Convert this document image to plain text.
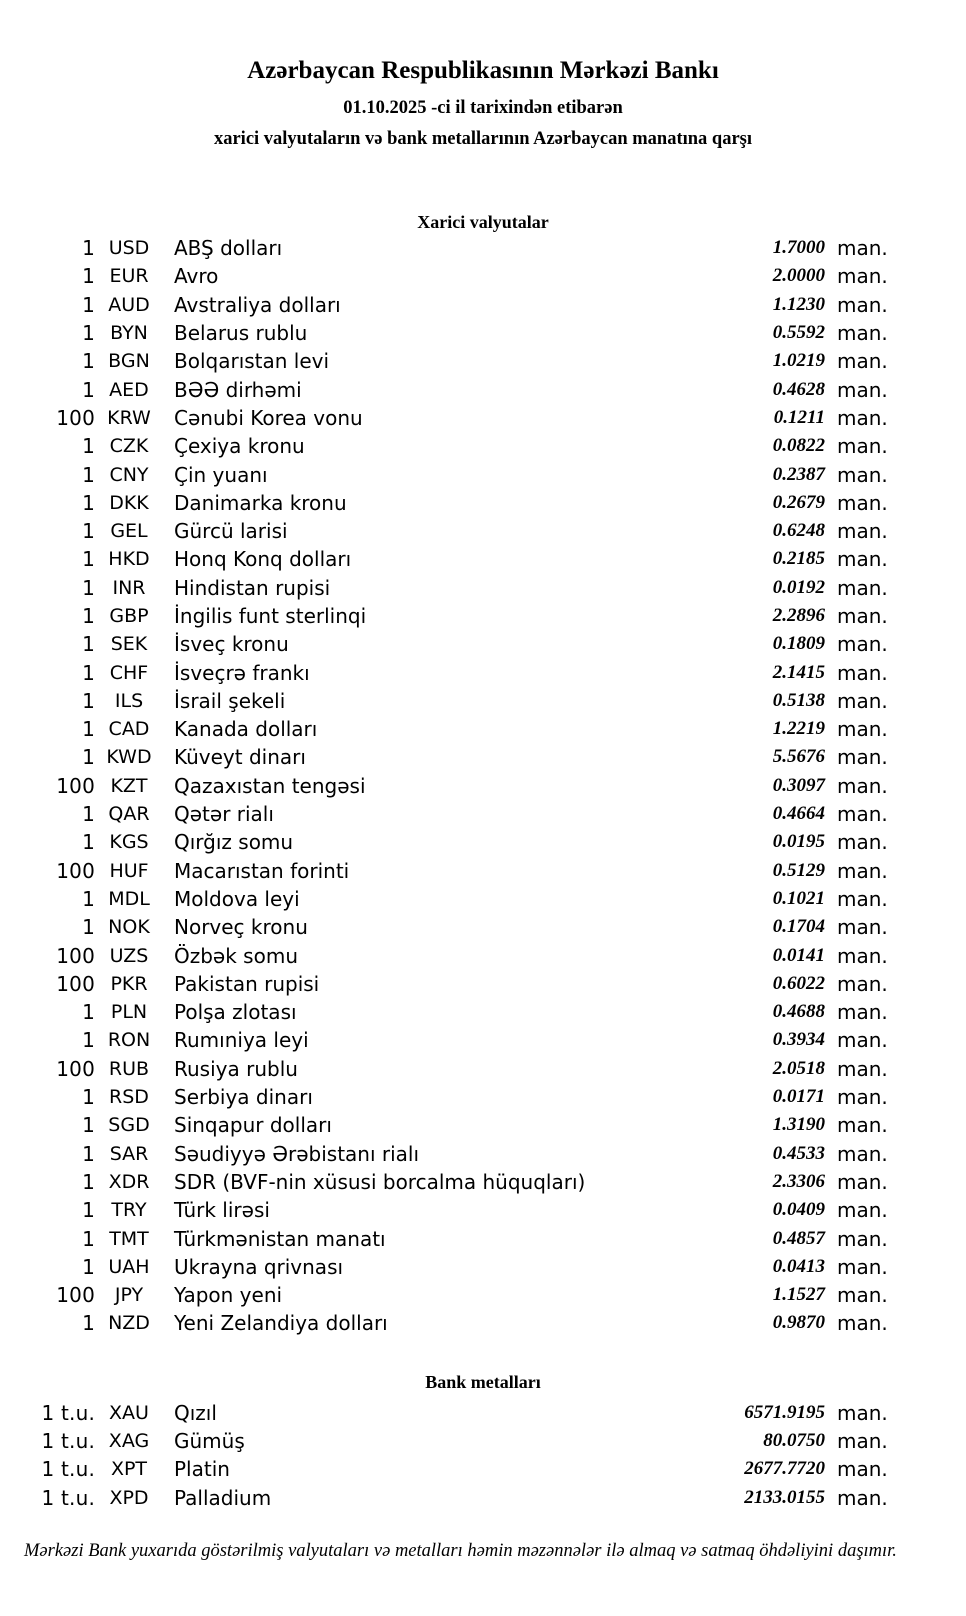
Azərbaycan Respublikasının Mərkəzi Bankı
01.10.2025 -ci il tarixindən etibarən
xarici valyutaların və bank metallarının Azərbaycan manatına qarşı
Xarici valyutalar
1 USD	ABŞ dolları	1.7000 man.
1 EUR	Avro	2.0000 man.
1 AUD	Avstraliya dolları	1.1230 man.
1 BYN	Belarus rublu	0.5592 man.
1 BGN	Bolqarıstan levi	1.0219 man.
1 AED	BƏƏ dirhəmi	0.4628 man.
100 KRW	Cənubi Korea vonu	0.1211 man.
1 CZK	Çexiya kronu	0.0822 man.
1 CNY	Çin yuanı	0.2387 man.
1 DKK	Danimarka kronu	0.2679 man.
1 GEL	Gürcü larisi	0.6248 man.
1 HKD	Honq Konq dolları	0.2185 man.
1 INR	Hindistan rupisi	0.0192 man.
1 GBP	İngilis funt sterlinqi	2.2896 man.
1 SEK	İsveç kronu	0.1809 man.
1 CHF	İsveçrə frankı	2.1415 man.
1	ILS	İsrail şekeli	0.5138 man.
1 CAD	Kanada dolları	1.2219 man.
1 KWD	Küveyt dinarı	5.5676 man.
100 KZT	Qazaxıstan tengəsi	0.3097 man.
1 QAR	Qətər rialı	0.4664 man.
1 KGS	Qırğız somu	0.0195 man.
100 HUF	Macarıstan forinti	0.5129 man.
1 MDL	Moldova leyi	0.1021 man.
1 NOK	Norveç kronu	0.1704 man.
100 UZS	Özbək somu	0.0141 man.
100 PKR	Pakistan rupisi	0.6022 man.
1 PLN	Polşa zlotası	0.4688 man.
1 RON	Rumıniya leyi	0.3934 man.
100 RUB	Rusiya rublu	2.0518 man.
1 RSD	Serbiya dinarı	0.0171 man.
1 SGD	Sinqapur dolları	1.3190 man.
1 SAR	Səudiyyə Ərəbistanı rialı	0.4533 man.
1 XDR	SDR (BVF-nin xüsusi borcalma hüquqları)	2.3306 man.
1 TRY	Türk lirəsi	0.0409 man.
1 TMT	Türkmənistan manatı	0.4857 man.
1 UAH	Ukrayna qrivnası	0.0413 man.
100	JPY	Yapon yeni	1.1527 man.
1 NZD	Yeni Zelandiya dolları	0.9870 man.
Bank metalları
1 t.u. XAU	Qızıl	6571.9195 man.
1 t.u. XAG	Gümüş	80.0750 man.
1 t.u. XPT	Platin	2677.7720 man.
1 t.u. XPD	Palladium	2133.0155 man.
Mərkəzi Bank yuxarıda göstərilmiş valyutaları və metalları həmin məzənnələr ilə almaq və satmaq öhdəliyini daşımır.
